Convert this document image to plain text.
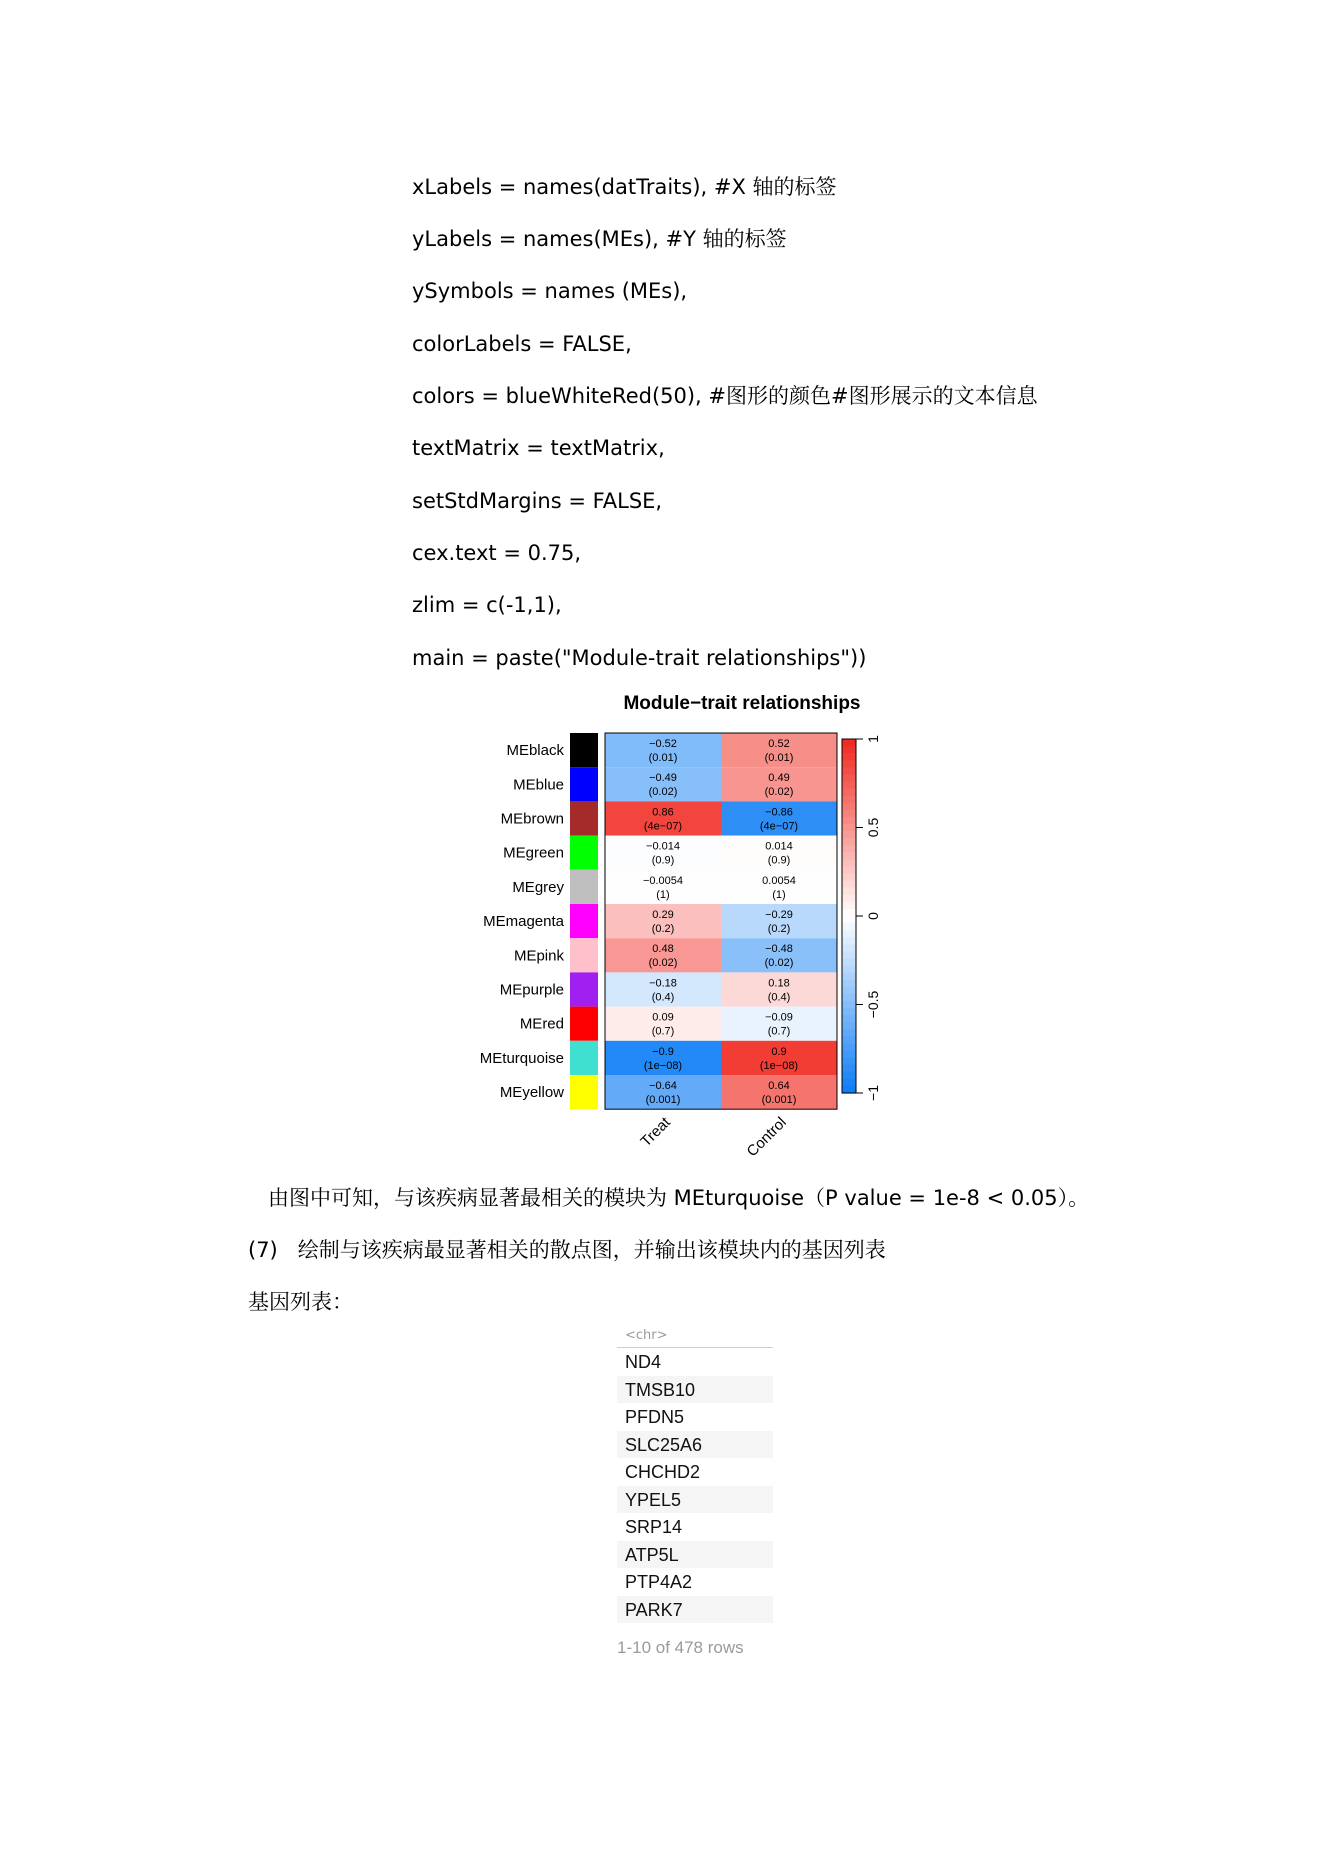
xLabels = names(datTraits), #X 轴的标签
yLabels = names(MEs), #Y 轴的标签
ySymbols = names (MEs),
colorLabels = FALSE,
colors = blueWhiteRed(50), #图形的颜色#图形展示的文本信息
textMatrix = textMatrix,
setStdMargins = FALSE,
cex.text = 0.75,
zlim = c(-1,1),
main = paste("Module-trait relationships"))
Module−trait relationships
MEblack
MEblue
MEbrown
MEgreen
MEgrey
MEmagenta
MEpink
MEpurple
MEred
MEturquoise
MEyellow
−0.52
(0.01)
0.52
(0.01)
−0.49
(0.02)
0.49
(0.02)
0.86
(4e−07)
−0.86
(4e−07)
−0.014
(0.9)
0.014
(0.9)
−0.0054
(1)
0.0054
(1)
0.29
(0.2)
−0.29
(0.2)
0.48
(0.02)
−0.48
(0.02)
−0.18
(0.4)
0.18
(0.4)
0.09
(0.7)
−0.09
(0.7)
−0.9
(1e−08)
0.9
(1e−08)
−0.64
(0.001)
0.64
(0.001)
Treat	Control
1
0.5
0
−0.5
−1
由图中可知，与该疾病显著最相关的模块为 MEturquoise（P value = 1e-8 < 0.05）。
(7)   绘制与该疾病最显著相关的散点图，并输出该模块内的基因列表
基因列表：
<chr>
ND4
TMSB10
PFDN5
SLC25A6
CHCHD2
YPEL5
SRP14
ATP5L
PTP4A2
PARK7
1-10 of 478 rows
